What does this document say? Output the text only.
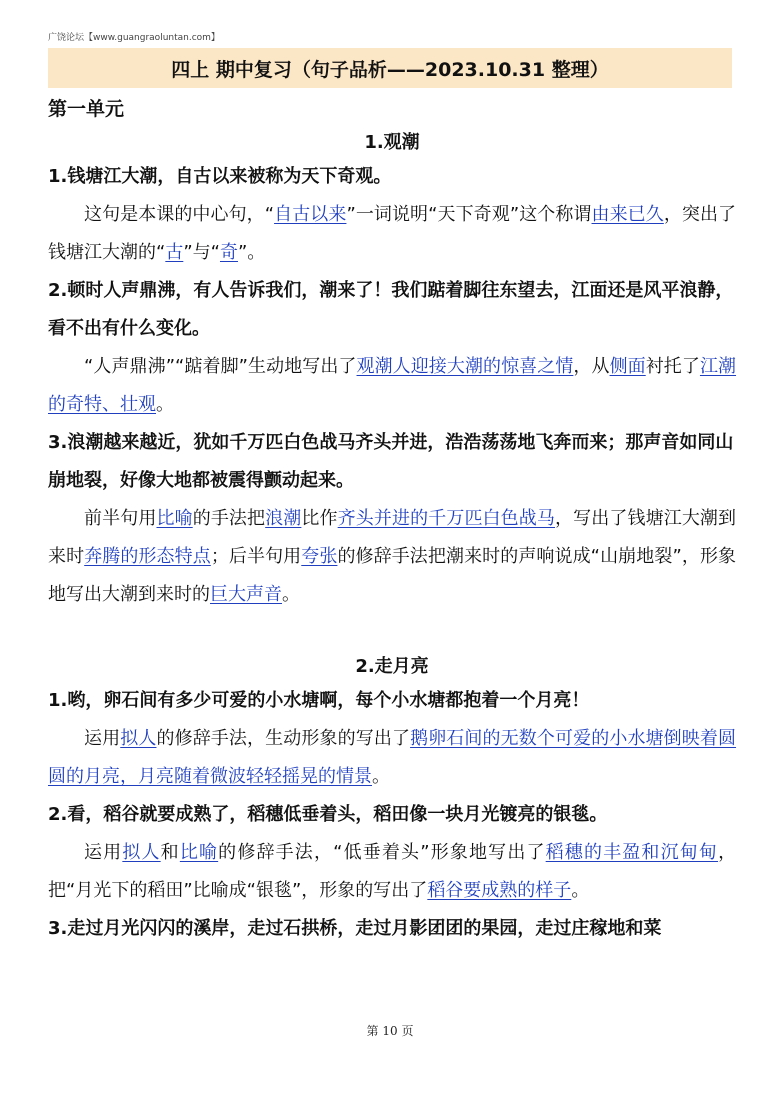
广饶论坛【www.guangraoluntan.com】
四上 期中复习（句子品析——2023.10.31 整理）
第一单元
1.观潮
1.钱塘江大潮，自古以来被称为天下奇观。
这句是本课的中心句，“自古以来”一词说明“天下奇观”这个称谓由来已久，突出了钱塘江大潮的“古”与“奇”。
2.顿时人声鼎沸，有人告诉我们，潮来了！我们踮着脚往东望去，江面还是风平浪静，看不出有什么变化。
“人声鼎沸”“踮着脚”生动地写出了观潮人迎接大潮的惊喜之情，从侧面衬托了江潮的奇特、壮观。
3.浪潮越来越近，犹如千万匹白色战马齐头并进，浩浩荡荡地飞奔而来；那声音如同山崩地裂，好像大地都被震得颤动起来。
前半句用比喻的手法把浪潮比作齐头并进的千万匹白色战马，写出了钱塘江大潮到来时奔腾的形态特点；后半句用夸张的修辞手法把潮来时的声响说成“山崩地裂”，形象地写出大潮到来时的巨大声音。
2.走月亮
1.哟，卵石间有多少可爱的小水塘啊，每个小水塘都抱着一个月亮！
运用拟人的修辞手法，生动形象的写出了鹅卵石间的无数个可爱的小水塘倒映着圆圆的月亮，月亮随着微波轻轻摇晃的情景。
2.看，稻谷就要成熟了，稻穗低垂着头，稻田像一块月光镀亮的银毯。
运用拟人和比喻的修辞手法，“低垂着头”形象地写出了稻穗的丰盈和沉甸甸，把“月光下的稻田”比喻成“银毯”，形象的写出了稻谷要成熟的样子。
3.走过月光闪闪的溪岸，走过石拱桥，走过月影团团的果园，走过庄稼地和菜
第 10 页
